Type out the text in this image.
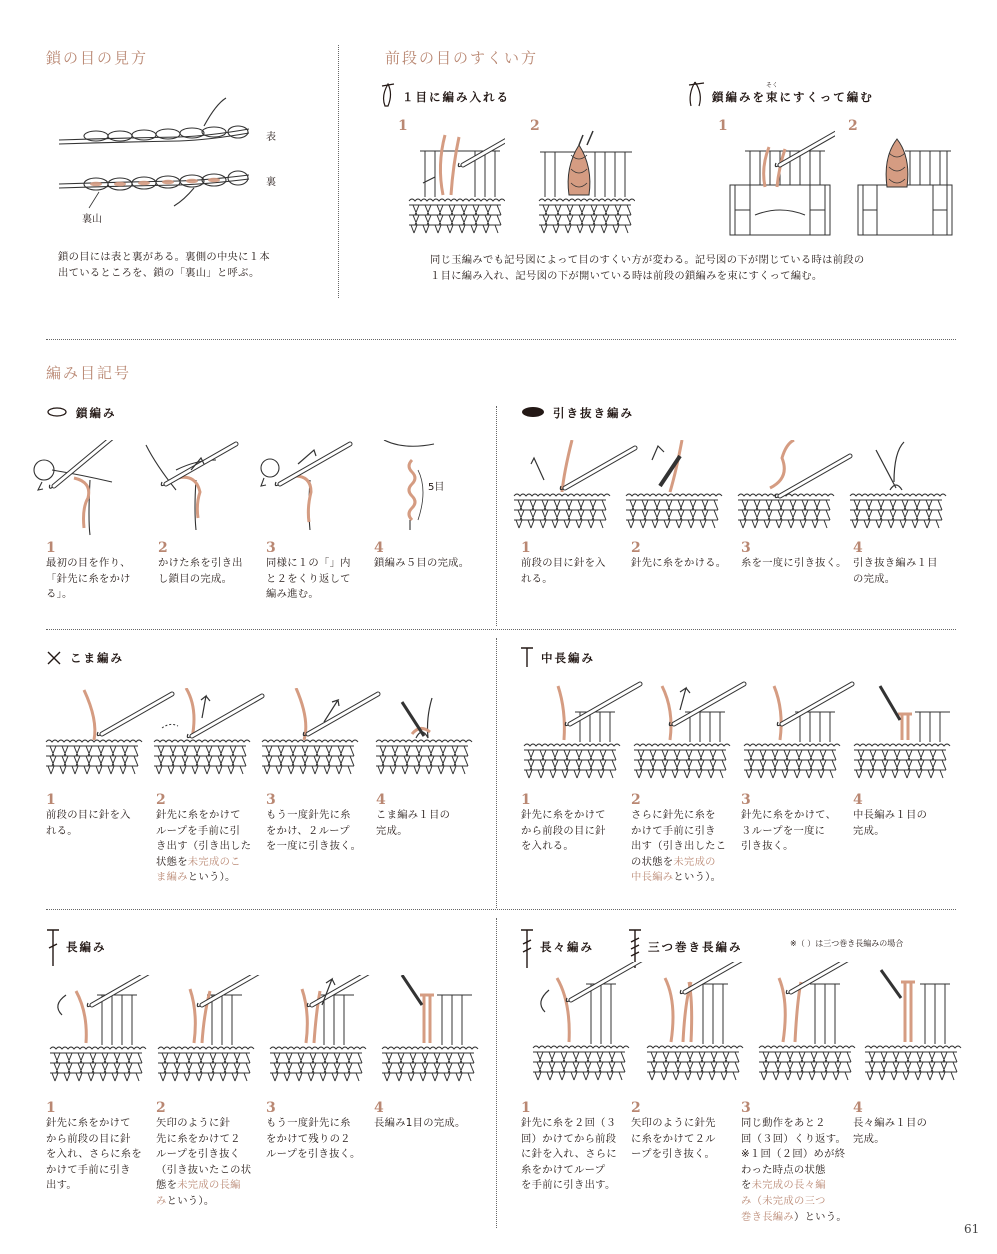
鎖の目の見方
表
裏
裏山
鎖の目には表と裏がある。裏側の中央に１本
出ているところを、鎖の「裏山」と呼ぶ。
前段の目のすくい方
１目に編み入れる	鎖編みを
そく
束にすくって編む
1	2	1	2
同じ玉編みでも記号図によって目のすくい方が変わる。記号図の下が閉じている時は前段の
１目に編み入れ、記号図の下が開いている時は前段の鎖編みを束にすくって編む。
編み目記号
鎖編み
5目
1
最初の目を作り、
「針先に糸をかけ
る」。
2
かけた糸を引き出
し鎖目の完成。
3
同様に１の「」内
と２をくり返して
編み進む。
4
鎖編み５目の完成。
引き抜き編み
1
前段の目に針を入
れる。
2
針先に糸をかける。
3
糸を一度に引き抜く。
4
引き抜き編み１目
の完成。
こま編み
1
前段の目に針を入
れる。
2
針先に糸をかけて
ループを手前に引
き出す（引き出した
状態を未完成のこ
ま編みという）。
3
もう一度針先に糸
をかけ、２ループ
を一度に引き抜く。
4
こま編み１目の
完成。
中長編み
1
針先に糸をかけて
から前段の目に針
を入れる。
2
さらに針先に糸を
かけて手前に引き
出す（引き出したこ
の状態を未完成の
中長編みという）。
3
針先に糸をかけて、
３ループを一度に
引き抜く。
4
中長編み１目の
完成。
長編み
1
針先に糸をかけて
から前段の目に針
を入れ、さらに糸を
かけて手前に引き
出す。
2
矢印のように針
先に糸をかけて２
ループを引き抜く
（引き抜いたこの状
態を未完成の長編
みという）。
3
もう一度針先に糸
をかけて残りの２
ループを引き抜く。
4
長編み1目の完成。
長々編み	三つ巻き長編み	※（ ）は三つ巻き長編みの場合
1
針先に糸を２回（３
回）かけてから前段
に針を入れ、さらに
糸をかけてループ
を手前に引き出す。
2
矢印のように針先
に糸をかけて２ル
ープを引き抜く。
3
同じ動作をあと２
回（３回）くり返す。
※１回（２回）めが終
わった時点の状態
を未完成の長々編
み（未完成の三つ
巻き長編み）という。
4
長々編み１目の
完成。
61
